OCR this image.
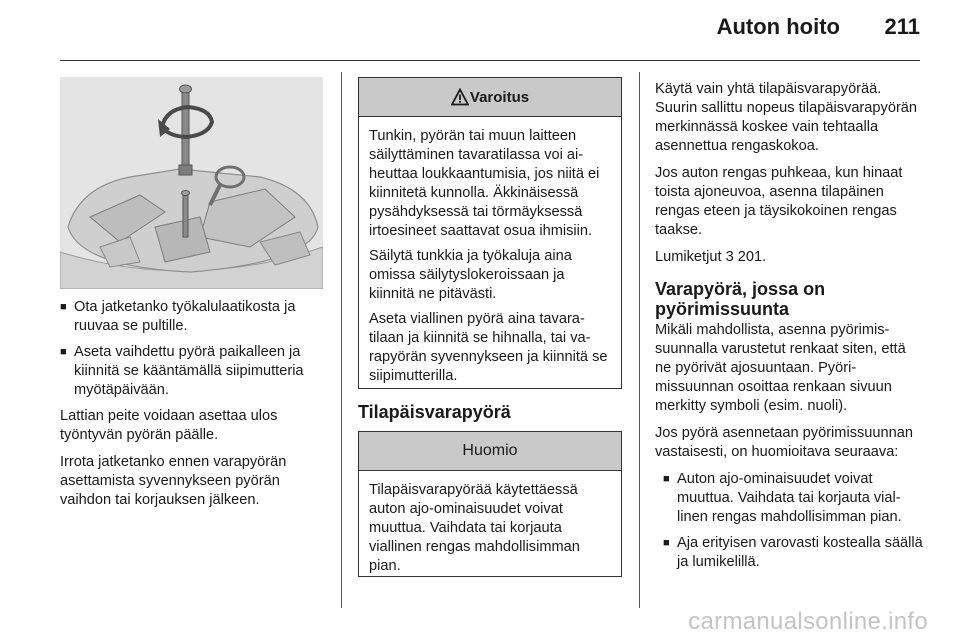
Auton hoito 211
■ Ota jatketanko työkalulaatikosta ja ruuvaa se pultille.
■ Aseta vaihdettu pyörä paikalleen ja kiinnitä se kääntämällä siipimutteria myötäpäivään.

Lattian peite voidaan asettaa ulos työntyvän pyörän päälle.

Irrota jatketanko ennen varapyörän asettamista syvennykseen pyörän vaihdon tai korjauksen jälkeen.

Varoitus

Tunkin, pyörän tai muun laitteen säilyttäminen tavaratilassa voi aiheuttaa loukkaantumisia, jos niitä ei kiinnitetä kunnolla. Äkkinäisessä pysähdyksessä tai törmäyksessä irtoesineet saattavat osua ihmisiin.

Säilytä tunkkia ja työkaluja aina omissa säilytyslokeroissaan ja kiinnitä ne pitävästi.

Aseta viallinen pyörä aina tavaratilaan ja kiinnitä se hihnalla, tai varapyörän syvennykseen ja kiinnitä se siipimutterilla.

Tilapäisvarapyörä
Huomio

Tilapäisvarapyörää käytettäessä auton ajo-ominaisuudet voivat muuttua. Vaihdata tai korjauta viallinen rengas mahdollisimman pian.

Käytä vain yhtä tilapäisvarapyörää. Suurin sallittu nopeus tilapäisvarapyörän merkinnässä koskee vain tehtaalla asennettua rengaskokoa.

Jos auton rengas puhkeaa, kun hinaat toista ajoneuvoa, asenna tilapäinen rengas eteen ja täysikokoinen rengas taakse.

Lumiketjut 3 201.

Varapyörä, jossa on pyörimissuunta

Mikäli mahdollista, asenna pyörimissuunnalla varustetut renkaat siten, että ne pyörivät ajosuuntaan. Pyörimissuunnan osoittaa renkaan sivuun merkitty symboli (esim. nuoli).

Jos pyörä asennetaan pyörimissuunnan vastaisesti, on huomioitava seuraava:

■ Auton ajo-ominaisuudet voivat muuttua. Vaihdata tai korjauta viallinen rengas mahdollisimman pian.
■ Aja erityisen varovasti kostealla säällä ja lumikelillä.
carmanualsonline.info
